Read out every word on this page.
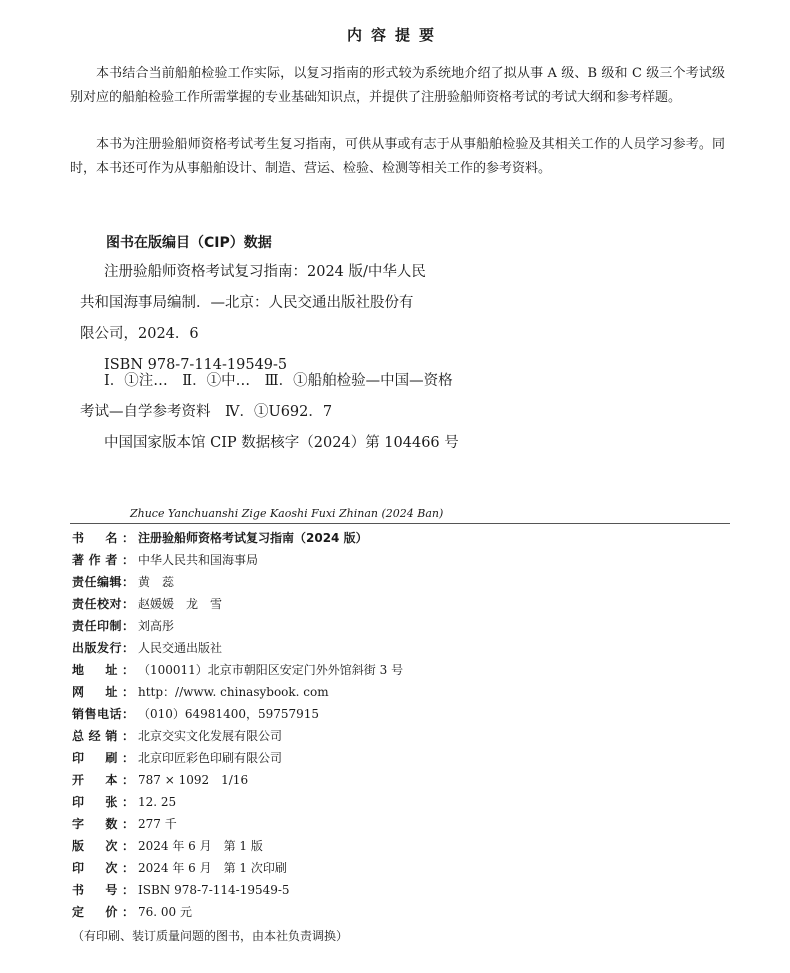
内容提要
本书结合当前船舶检验工作实际，以复习指南的形式较为系统地介绍了拟从事 A 级、B 级和 C 级三个考试级别对应的船舶检验工作所需掌握的专业基础知识点，并提供了注册验船师资格考试的考试大纲和参考样题。
本书为注册验船师资格考试考生复习指南，可供从事或有志于从事船舶检验及其相关工作的人员学习参考。同时，本书还可作为从事船舶设计、制造、营运、检验、检测等相关工作的参考资料。
图书在版编目（CIP）数据
注册验船师资格考试复习指南：2024 版/中华人民
共和国海事局编制．—北京：人民交通出版社股份有
限公司，2024．6
ISBN 978-7-114-19549-5
Ⅰ．①注…　Ⅱ．①中…　Ⅲ．①船舶检验—中国—资格
考试—自学参考资料　Ⅳ．①U692．7
中国国家版本馆 CIP 数据核字（2024）第 104466 号
Zhuce Yanchuanshi Zige Kaoshi Fuxi Zhinan (2024 Ban)
书　名： 注册验船师资格考试复习指南（2024 版）
著作者： 中华人民共和国海事局
责任编辑： 黄　蕊
责任校对： 赵媛媛　龙　雪
责任印制： 刘高彤
出版发行： 人民交通出版社
地　址： （100011）北京市朝阳区安定门外外馆斜街 3 号
网　址： http：//www. chinasybook. com
销售电话： （010）64981400，59757915
总经销： 北京交实文化发展有限公司
印　刷： 北京印匠彩色印刷有限公司
开　本： 787 × 1092　1/16
印　张： 12. 25
字　数： 277 千
版　次： 2024 年 6 月　第 1 版
印　次： 2024 年 6 月　第 1 次印刷
书　号： ISBN 978-7-114-19549-5
定　价： 76. 00 元
（有印刷、装订质量问题的图书，由本社负责调换）
